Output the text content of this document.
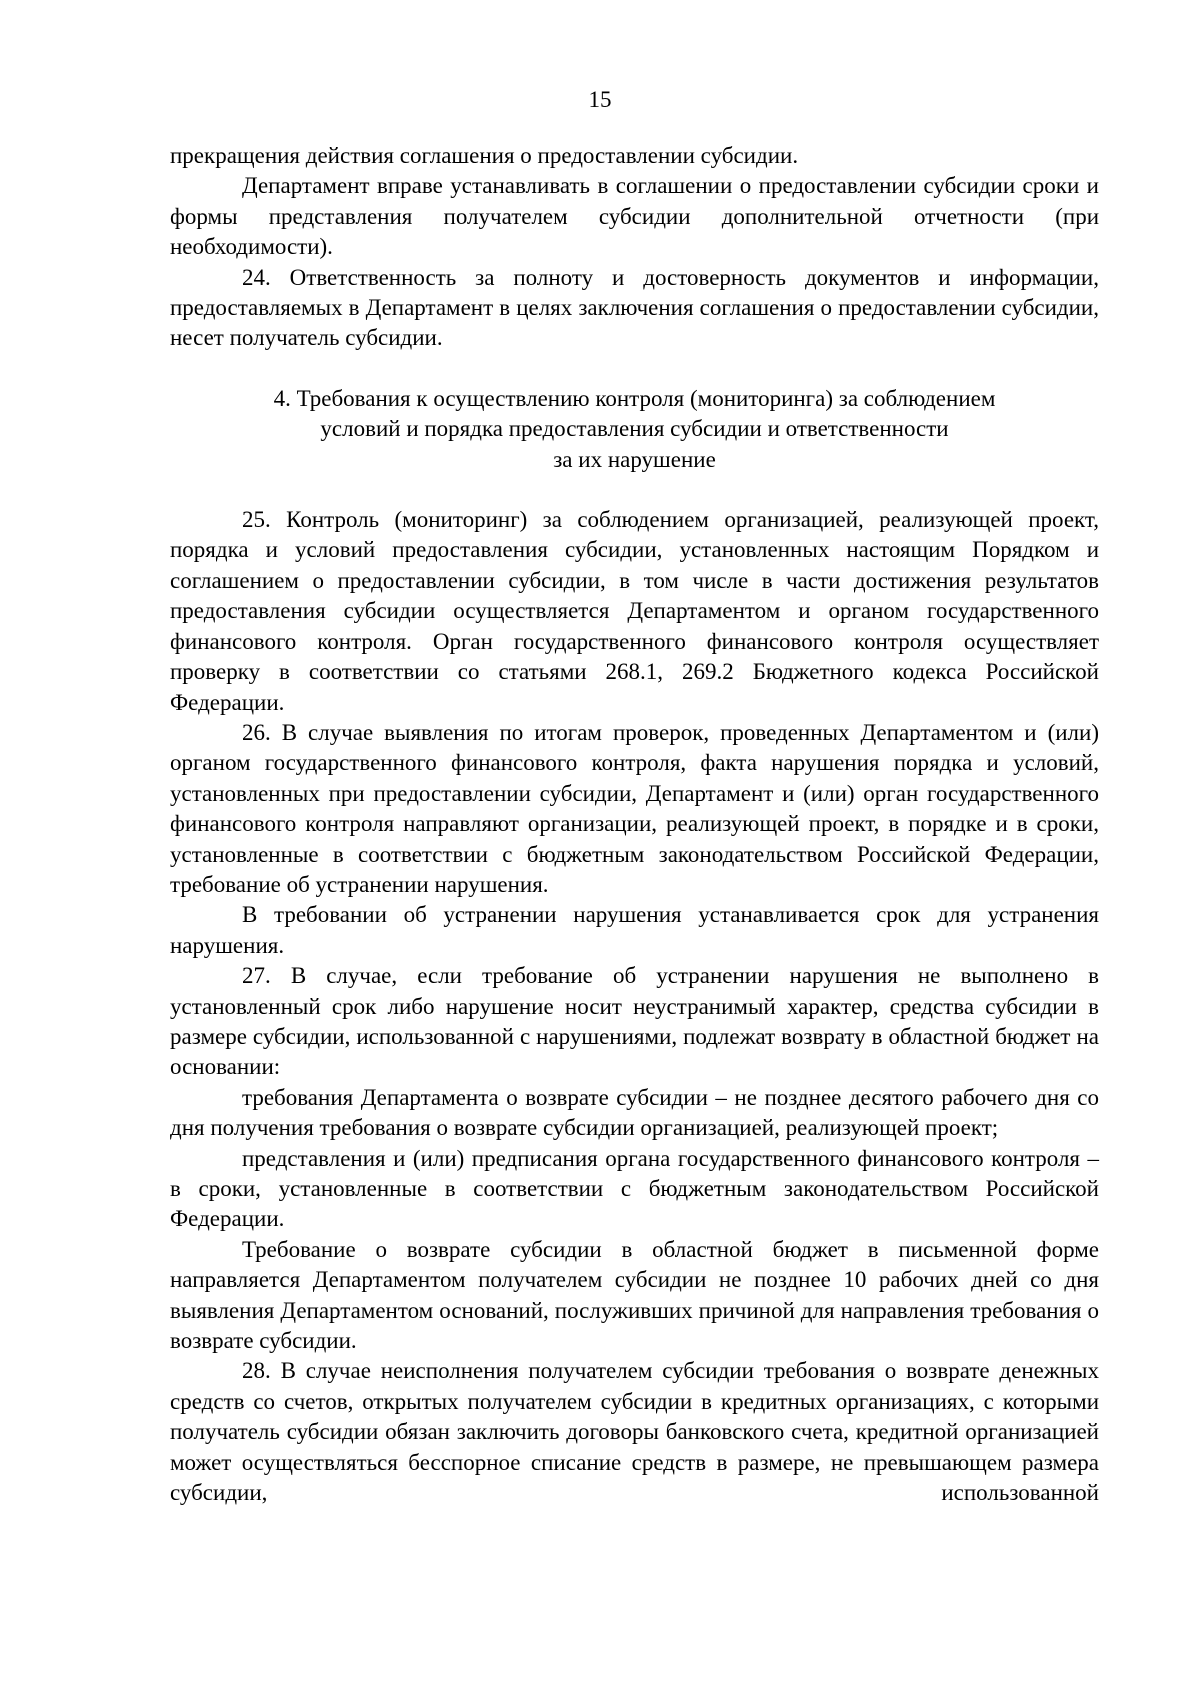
15

прекращения действия соглашения о предоставлении субсидии.

Департамент вправе устанавливать в соглашении о предоставлении субсидии сроки и формы представления получателем субсидии дополнительной отчетности (при необходимости).

24. Ответственность за полноту и достоверность документов и информации, предоставляемых в Департамент в целях заключения соглашения о предоставлении субсидии, несет получатель субсидии.

4. Требования к осуществлению контроля (мониторинга) за соблюдением
условий и порядка предоставления субсидии и ответственности
за их нарушение

25. Контроль (мониторинг) за соблюдением организацией, реализующей проект, порядка и условий предоставления субсидии, установленных настоящим Порядком и соглашением о предоставлении субсидии, в том числе в части достижения результатов предоставления субсидии осуществляется Департаментом и органом государственного финансового контроля. Орган государственного финансового контроля осуществляет проверку в соответствии со статьями 268.1, 269.2 Бюджетного кодекса Российской Федерации.

26. В случае выявления по итогам проверок, проведенных Департаментом и (или) органом государственного финансового контроля, факта нарушения порядка и условий, установленных при предоставлении субсидии, Департамент и (или) орган государственного финансового контроля направляют организации, реализующей проект, в порядке и в сроки, установленные в соответствии с бюджетным законодательством Российской Федерации, требование об устранении нарушения.

В требовании об устранении нарушения устанавливается срок для устранения нарушения.

27. В случае, если требование об устранении нарушения не выполнено в установленный срок либо нарушение носит неустранимый характер, средства субсидии в размере субсидии, использованной с нарушениями, подлежат возврату в областной бюджет на основании:

требования Департамента о возврате субсидии – не позднее десятого рабочего дня со дня получения требования о возврате субсидии организацией, реализующей проект;

представления и (или) предписания органа государственного финансового контроля – в сроки, установленные в соответствии с бюджетным законодательством Российской Федерации.

Требование о возврате субсидии в областной бюджет в письменной форме направляется Департаментом получателем субсидии не позднее 10 рабочих дней со дня выявления Департаментом оснований, послуживших причиной для направления требования о возврате субсидии.

28. В случае неисполнения получателем субсидии требования о возврате денежных средств со счетов, открытых получателем субсидии в кредитных организациях, с которыми получатель субсидии обязан заключить договоры банковского счета, кредитной организацией может осуществляться бесспорное списание средств в размере, не превышающем размера субсидии, использованной
